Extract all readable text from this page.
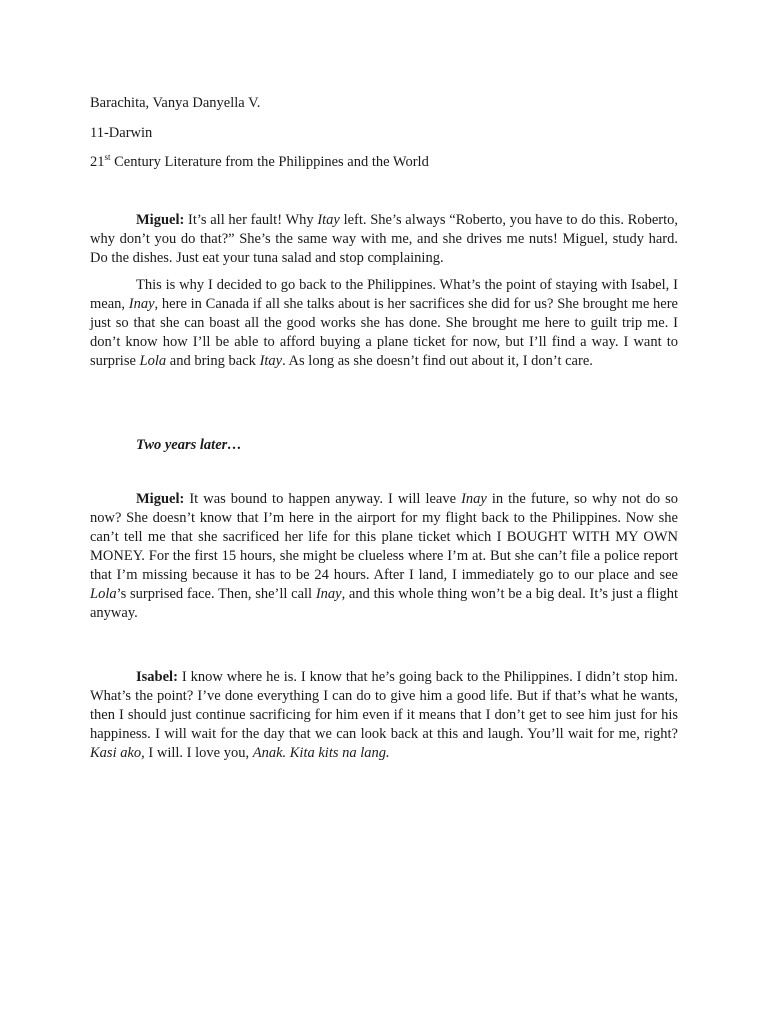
Barachita, Vanya Danyella V.
11-Darwin
21st Century Literature from the Philippines and the World

Miguel: It’s all her fault! Why Itay left. She’s always “Roberto, you have to do this. Roberto, why don’t you do that?” She’s the same way with me, and she drives me nuts! Miguel, study hard. Do the dishes. Just eat your tuna salad and stop complaining.

This is why I decided to go back to the Philippines. What’s the point of staying with Isabel, I mean, Inay, here in Canada if all she talks about is her sacrifices she did for us? She brought me here just so that she can boast all the good works she has done. She brought me here to guilt trip me. I don’t know how I’ll be able to afford buying a plane ticket for now, but I’ll find a way. I want to surprise Lola and bring back Itay. As long as she doesn’t find out about it, I don’t care.

Two years later…

Miguel: It was bound to happen anyway. I will leave Inay in the future, so why not do so now? She doesn’t know that I’m here in the airport for my flight back to the Philippines. Now she can’t tell me that she sacrificed her life for this plane ticket which I BOUGHT WITH MY OWN MONEY. For the first 15 hours, she might be clueless where I’m at. But she can’t file a police report that I’m missing because it has to be 24 hours. After I land, I immediately go to our place and see Lola’s surprised face. Then, she’ll call Inay, and this whole thing won’t be a big deal. It’s just a flight anyway.

Isabel: I know where he is. I know that he’s going back to the Philippines. I didn’t stop him. What’s the point? I’ve done everything I can do to give him a good life. But if that’s what he wants, then I should just continue sacrificing for him even if it means that I don’t get to see him just for his happiness. I will wait for the day that we can look back at this and laugh. You’ll wait for me, right? Kasi ako, I will. I love you, Anak. Kita kits na lang.
